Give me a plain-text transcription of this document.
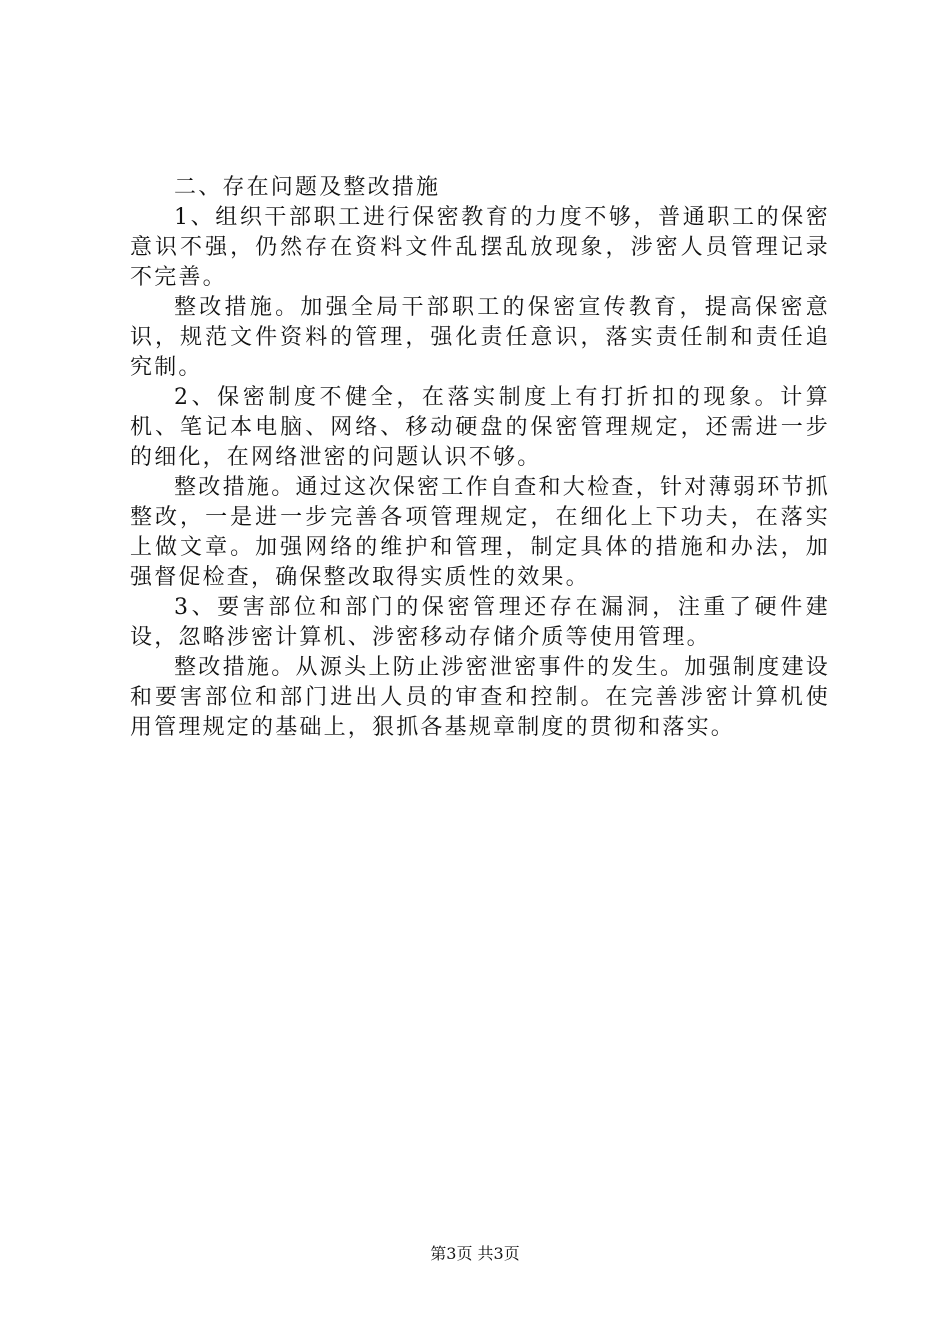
二、存在问题及整改措施

1、组织干部职工进行保密教育的力度不够，普通职工的保密意识不强，仍然存在资料文件乱摆乱放现象，涉密人员管理记录不完善。

整改措施。加强全局干部职工的保密宣传教育，提高保密意识，规范文件资料的管理，强化责任意识，落实责任制和责任追究制。

2、保密制度不健全，在落实制度上有打折扣的现象。计算机、笔记本电脑、网络、移动硬盘的保密管理规定，还需进一步的细化，在网络泄密的问题认识不够。

整改措施。通过这次保密工作自查和大检查，针对薄弱环节抓整改，一是进一步完善各项管理规定，在细化上下功夫，在落实上做文章。加强网络的维护和管理，制定具体的措施和办法，加强督促检查，确保整改取得实质性的效果。

3、要害部位和部门的保密管理还存在漏洞，注重了硬件建设，忽略涉密计算机、涉密移动存储介质等使用管理。

整改措施。从源头上防止涉密泄密事件的发生。加强制度建设和要害部位和部门进出人员的审查和控制。在完善涉密计算机使用管理规定的基础上，狠抓各基规章制度的贯彻和落实。

第3页 共3页
